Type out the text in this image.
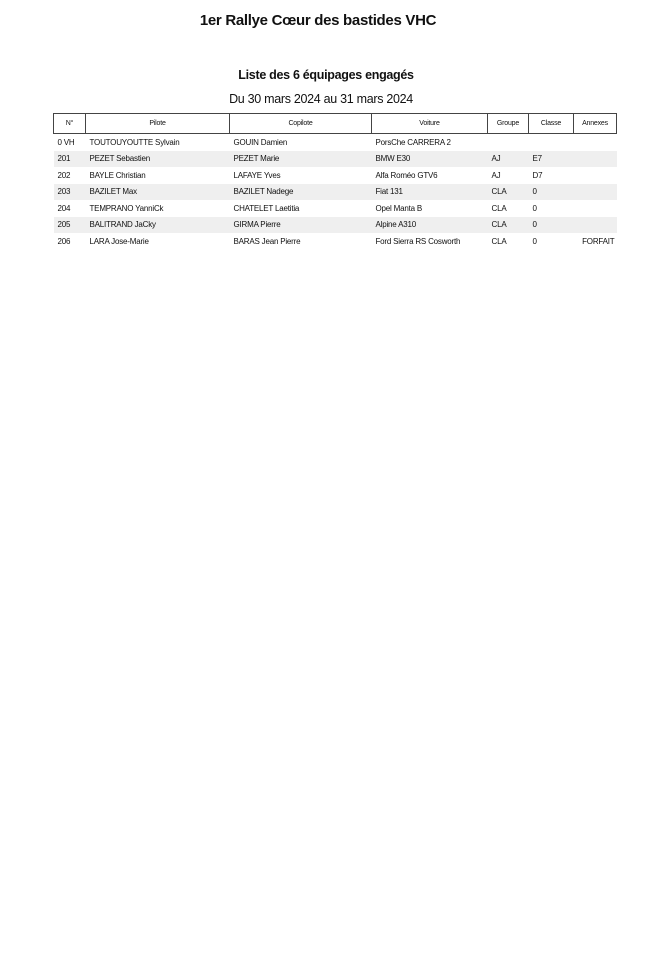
1er Rallye Cœur des bastides VHC
Liste des 6 équipages engagés
Du 30 mars 2024 au 31 mars 2024
N°	Pilote	Copilote	Voiture	Groupe	Classe	Annexes
0 VH	TOUTOUYOUTTE Sylvain	GOUIN Damien	PorsChe CARRERA 2			
201	PEZET Sebastien	PEZET Marie	BMW E30	AJ	E7	
202	BAYLE Christian	LAFAYE Yves	Alfa Roméo GTV6	AJ	D7	
203	BAZILET Max	BAZILET Nadege	Fiat 131	CLA	0	
204	TEMPRANO YanniCk	CHATELET Laetitia	Opel Manta B	CLA	0	
205	BALITRAND JaCky	GIRMA Pierre	Alpine A310	CLA	0	
206	LARA Jose-Marie	BARAS Jean Pierre	Ford Sierra RS Cosworth	CLA	0	FORFAIT
